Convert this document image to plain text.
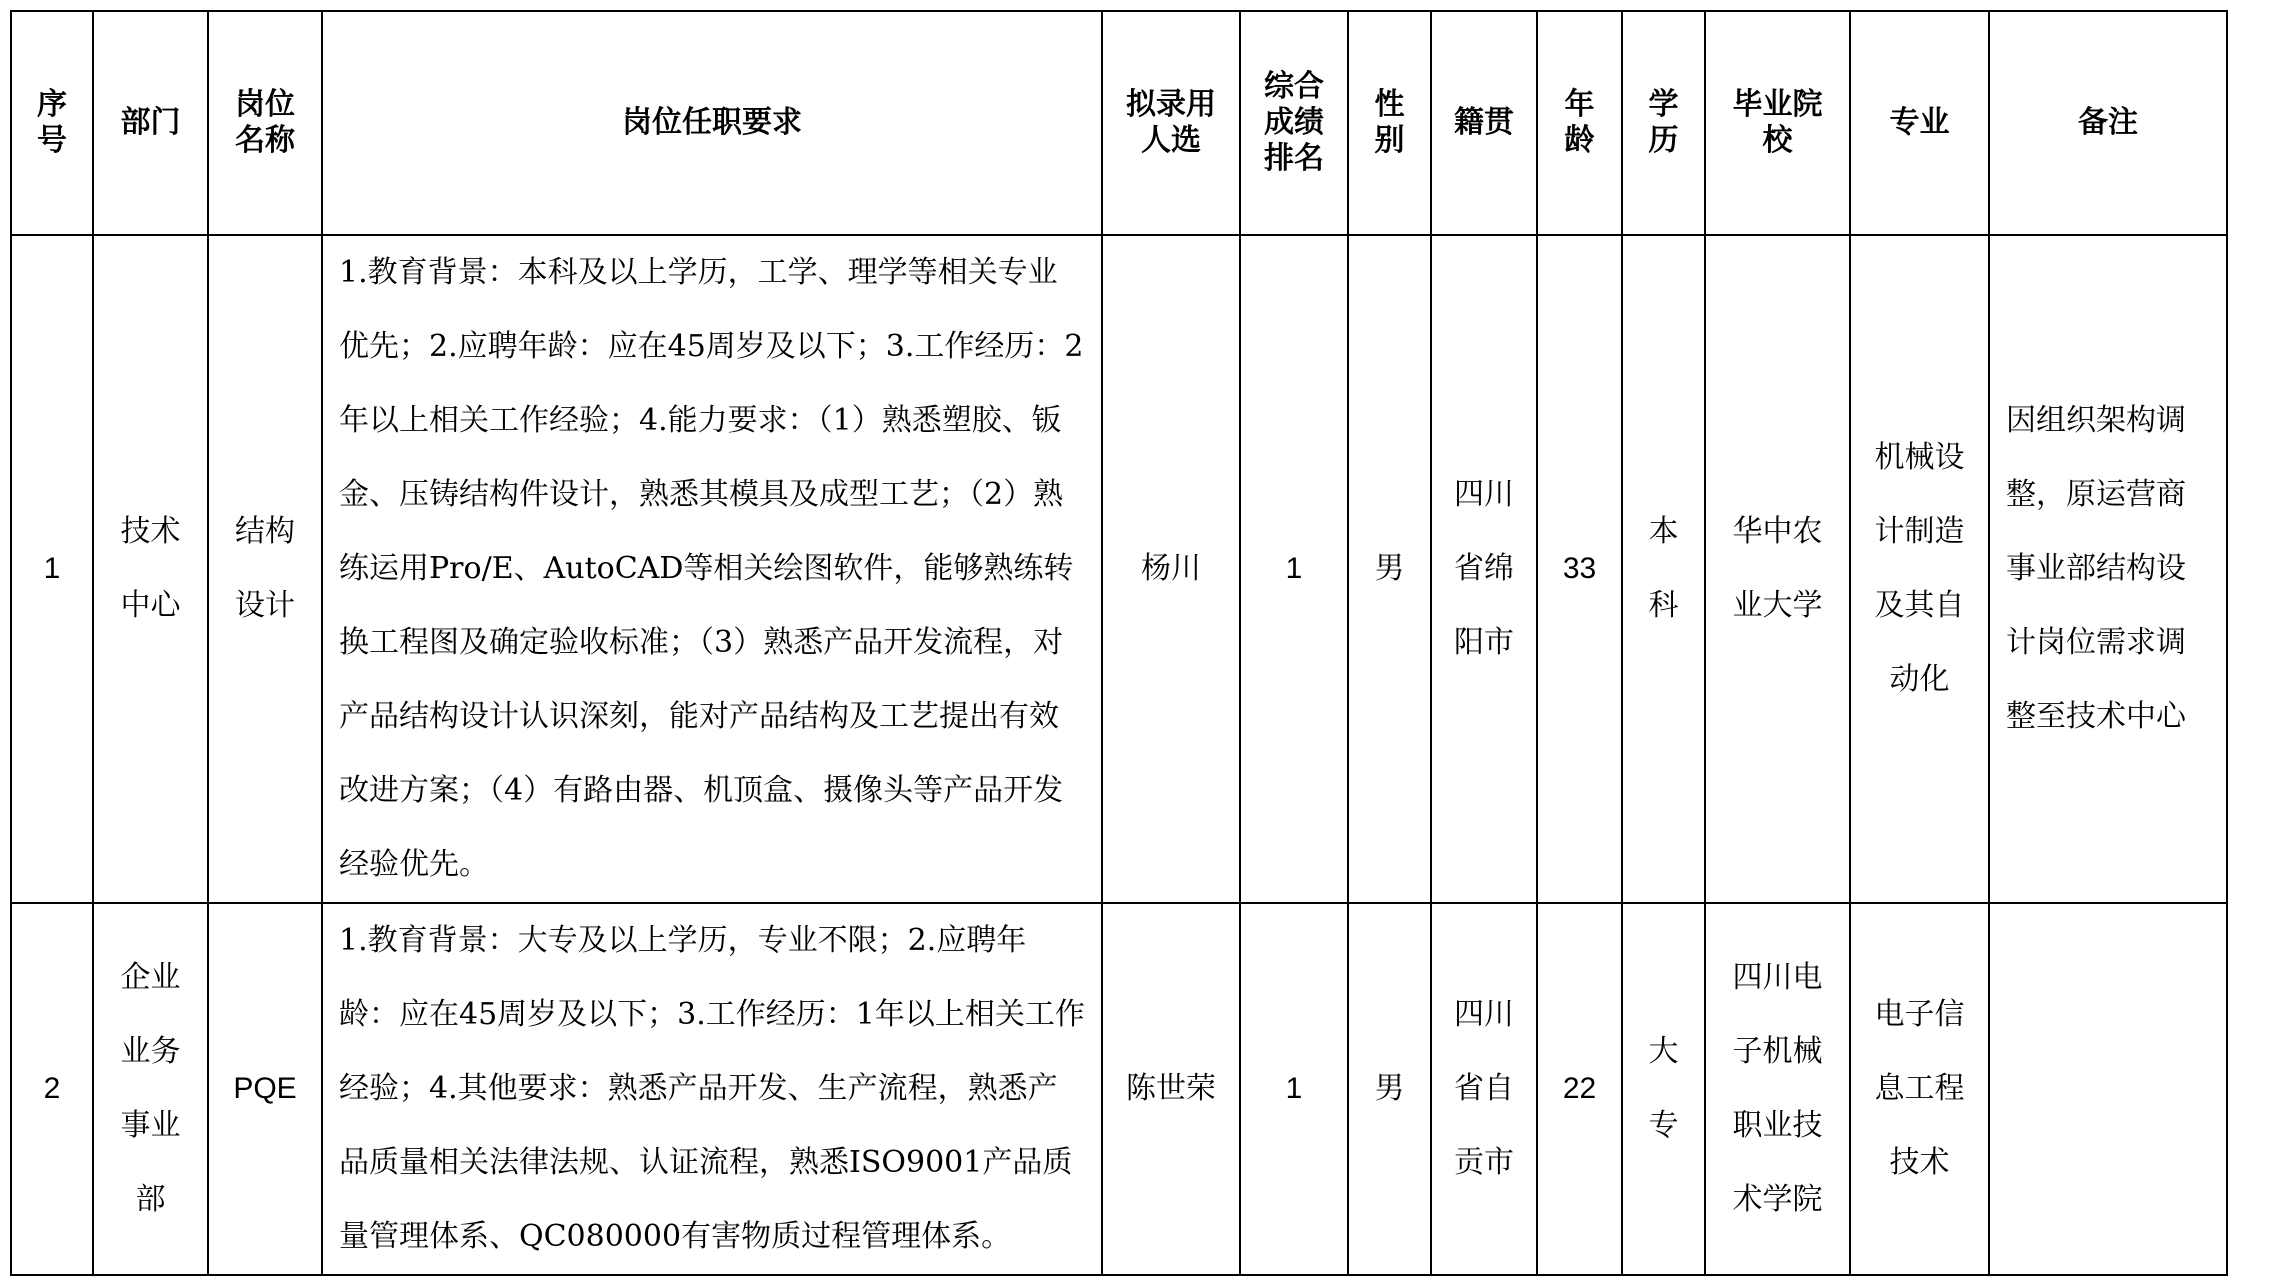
序号	部门	岗位名称	岗位任职要求	拟录用人选	综合成绩排名	性别	籍贯	年龄	学历	毕业院校	专业	备注
1	技术中心	结构设计	1.教育背景：本科及以上学历，工学、理学等相关专业优先；2.应聘年龄：应在45周岁及以下；3.工作经历：2年以上相关工作经验；4.能力要求：（1）熟悉塑胶、钣金、压铸结构件设计，熟悉其模具及成型工艺；（2）熟练运用Pro/E、AutoCAD等相关绘图软件，能够熟练转换工程图及确定验收标准；（3）熟悉产品开发流程，对产品结构设计认识深刻，能对产品结构及工艺提出有效改进方案；（4）有路由器、机顶盒、摄像头等产品开发经验优先。	杨川	1	男	四川省绵阳市	33	本科	华中农业大学	机械设计制造及其自动化	因组织架构调整，原运营商事业部结构设计岗位需求调整至技术中心
2	企业业务事业部	PQE	1.教育背景：大专及以上学历，专业不限；2.应聘年龄：应在45周岁及以下；3.工作经历：1年以上相关工作经验；4.其他要求：熟悉产品开发、生产流程，熟悉产品质量相关法律法规、认证流程，熟悉ISO9001产品质量管理体系、QC080000有害物质过程管理体系。	陈世荣	1	男	四川省自贡市	22	大专	四川电子机械职业技术学院	电子信息工程技术	
